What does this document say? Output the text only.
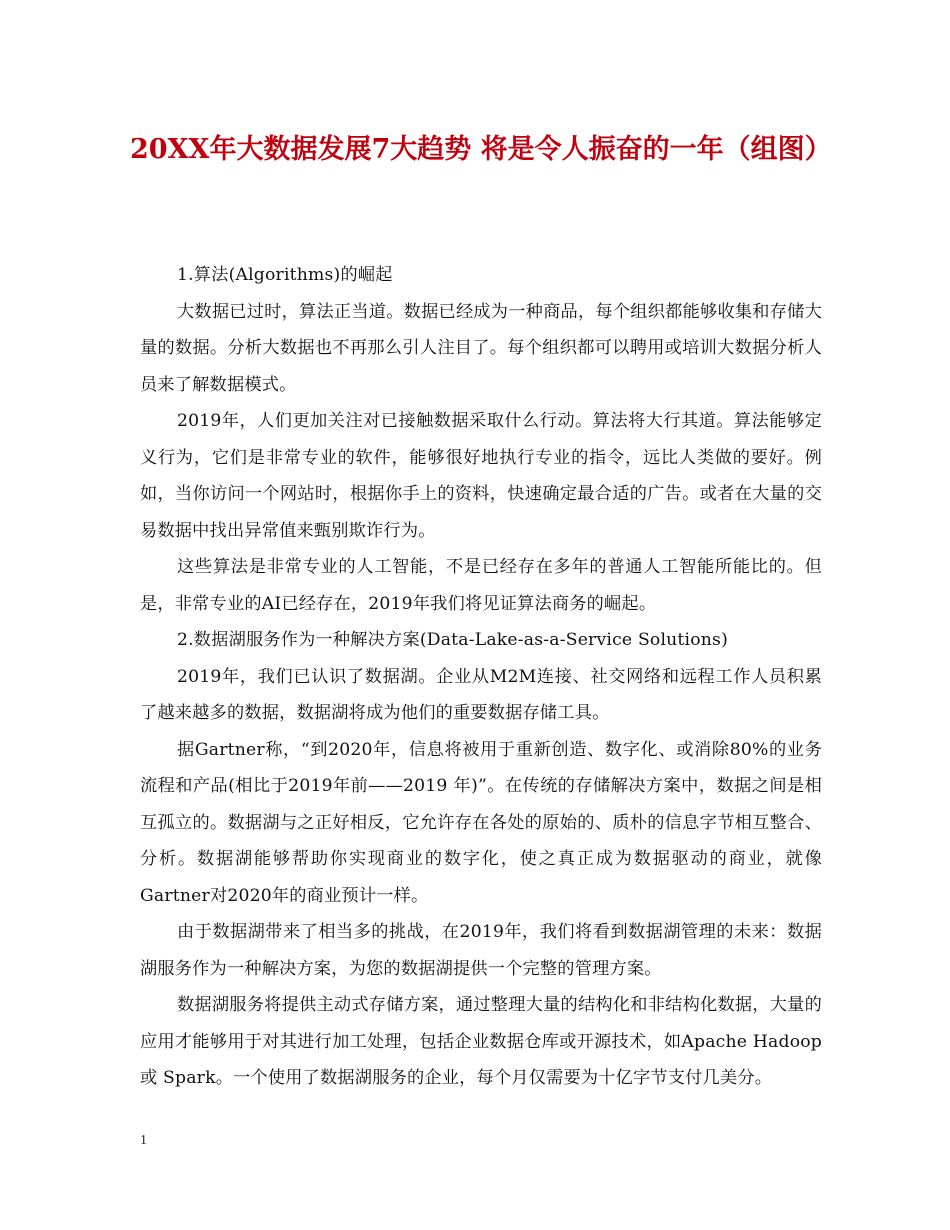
20XX年大数据发展7大趋势 将是令人振奋的一年（组图）

1.算法(Algorithms)的崛起

大数据已过时，算法正当道。数据已经成为一种商品，每个组织都能够收集和存储大量的数据。分析大数据也不再那么引人注目了。每个组织都可以聘用或培训大数据分析人员来了解数据模式。

2019年，人们更加关注对已接触数据采取什么行动。算法将大行其道。算法能够定义行为，它们是非常专业的软件，能够很好地执行专业的指令，远比人类做的要好。例如，当你访问一个网站时，根据你手上的资料，快速确定最合适的广告。或者在大量的交易数据中找出异常值来甄别欺诈行为。

这些算法是非常专业的人工智能，不是已经存在多年的普通人工智能所能比的。但是，非常专业的AI已经存在，2019年我们将见证算法商务的崛起。

2.数据湖服务作为一种解决方案(Data-Lake-as-a-Service Solutions)

2019年，我们已认识了数据湖。企业从M2M连接、社交网络和远程工作人员积累了越来越多的数据，数据湖将成为他们的重要数据存储工具。

据Gartner称，“到2020年，信息将被用于重新创造、数字化、或消除80%的业务流程和产品(相比于2019年前——2019 年)”。在传统的存储解决方案中，数据之间是相互孤立的。数据湖与之正好相反，它允许存在各处的原始的、质朴的信息字节相互整合、分析。数据湖能够帮助你实现商业的数字化，使之真正成为数据驱动的商业，就像Gartner对2020年的商业预计一样。

由于数据湖带来了相当多的挑战，在2019年，我们将看到数据湖管理的未来：数据湖服务作为一种解决方案，为您的数据湖提供一个完整的管理方案。

数据湖服务将提供主动式存储方案，通过整理大量的结构化和非结构化数据，大量的应用才能够用于对其进行加工处理，包括企业数据仓库或开源技术，如Apache Hadoop或 Spark。一个使用了数据湖服务的企业，每个月仅需要为十亿字节支付几美分。

1
